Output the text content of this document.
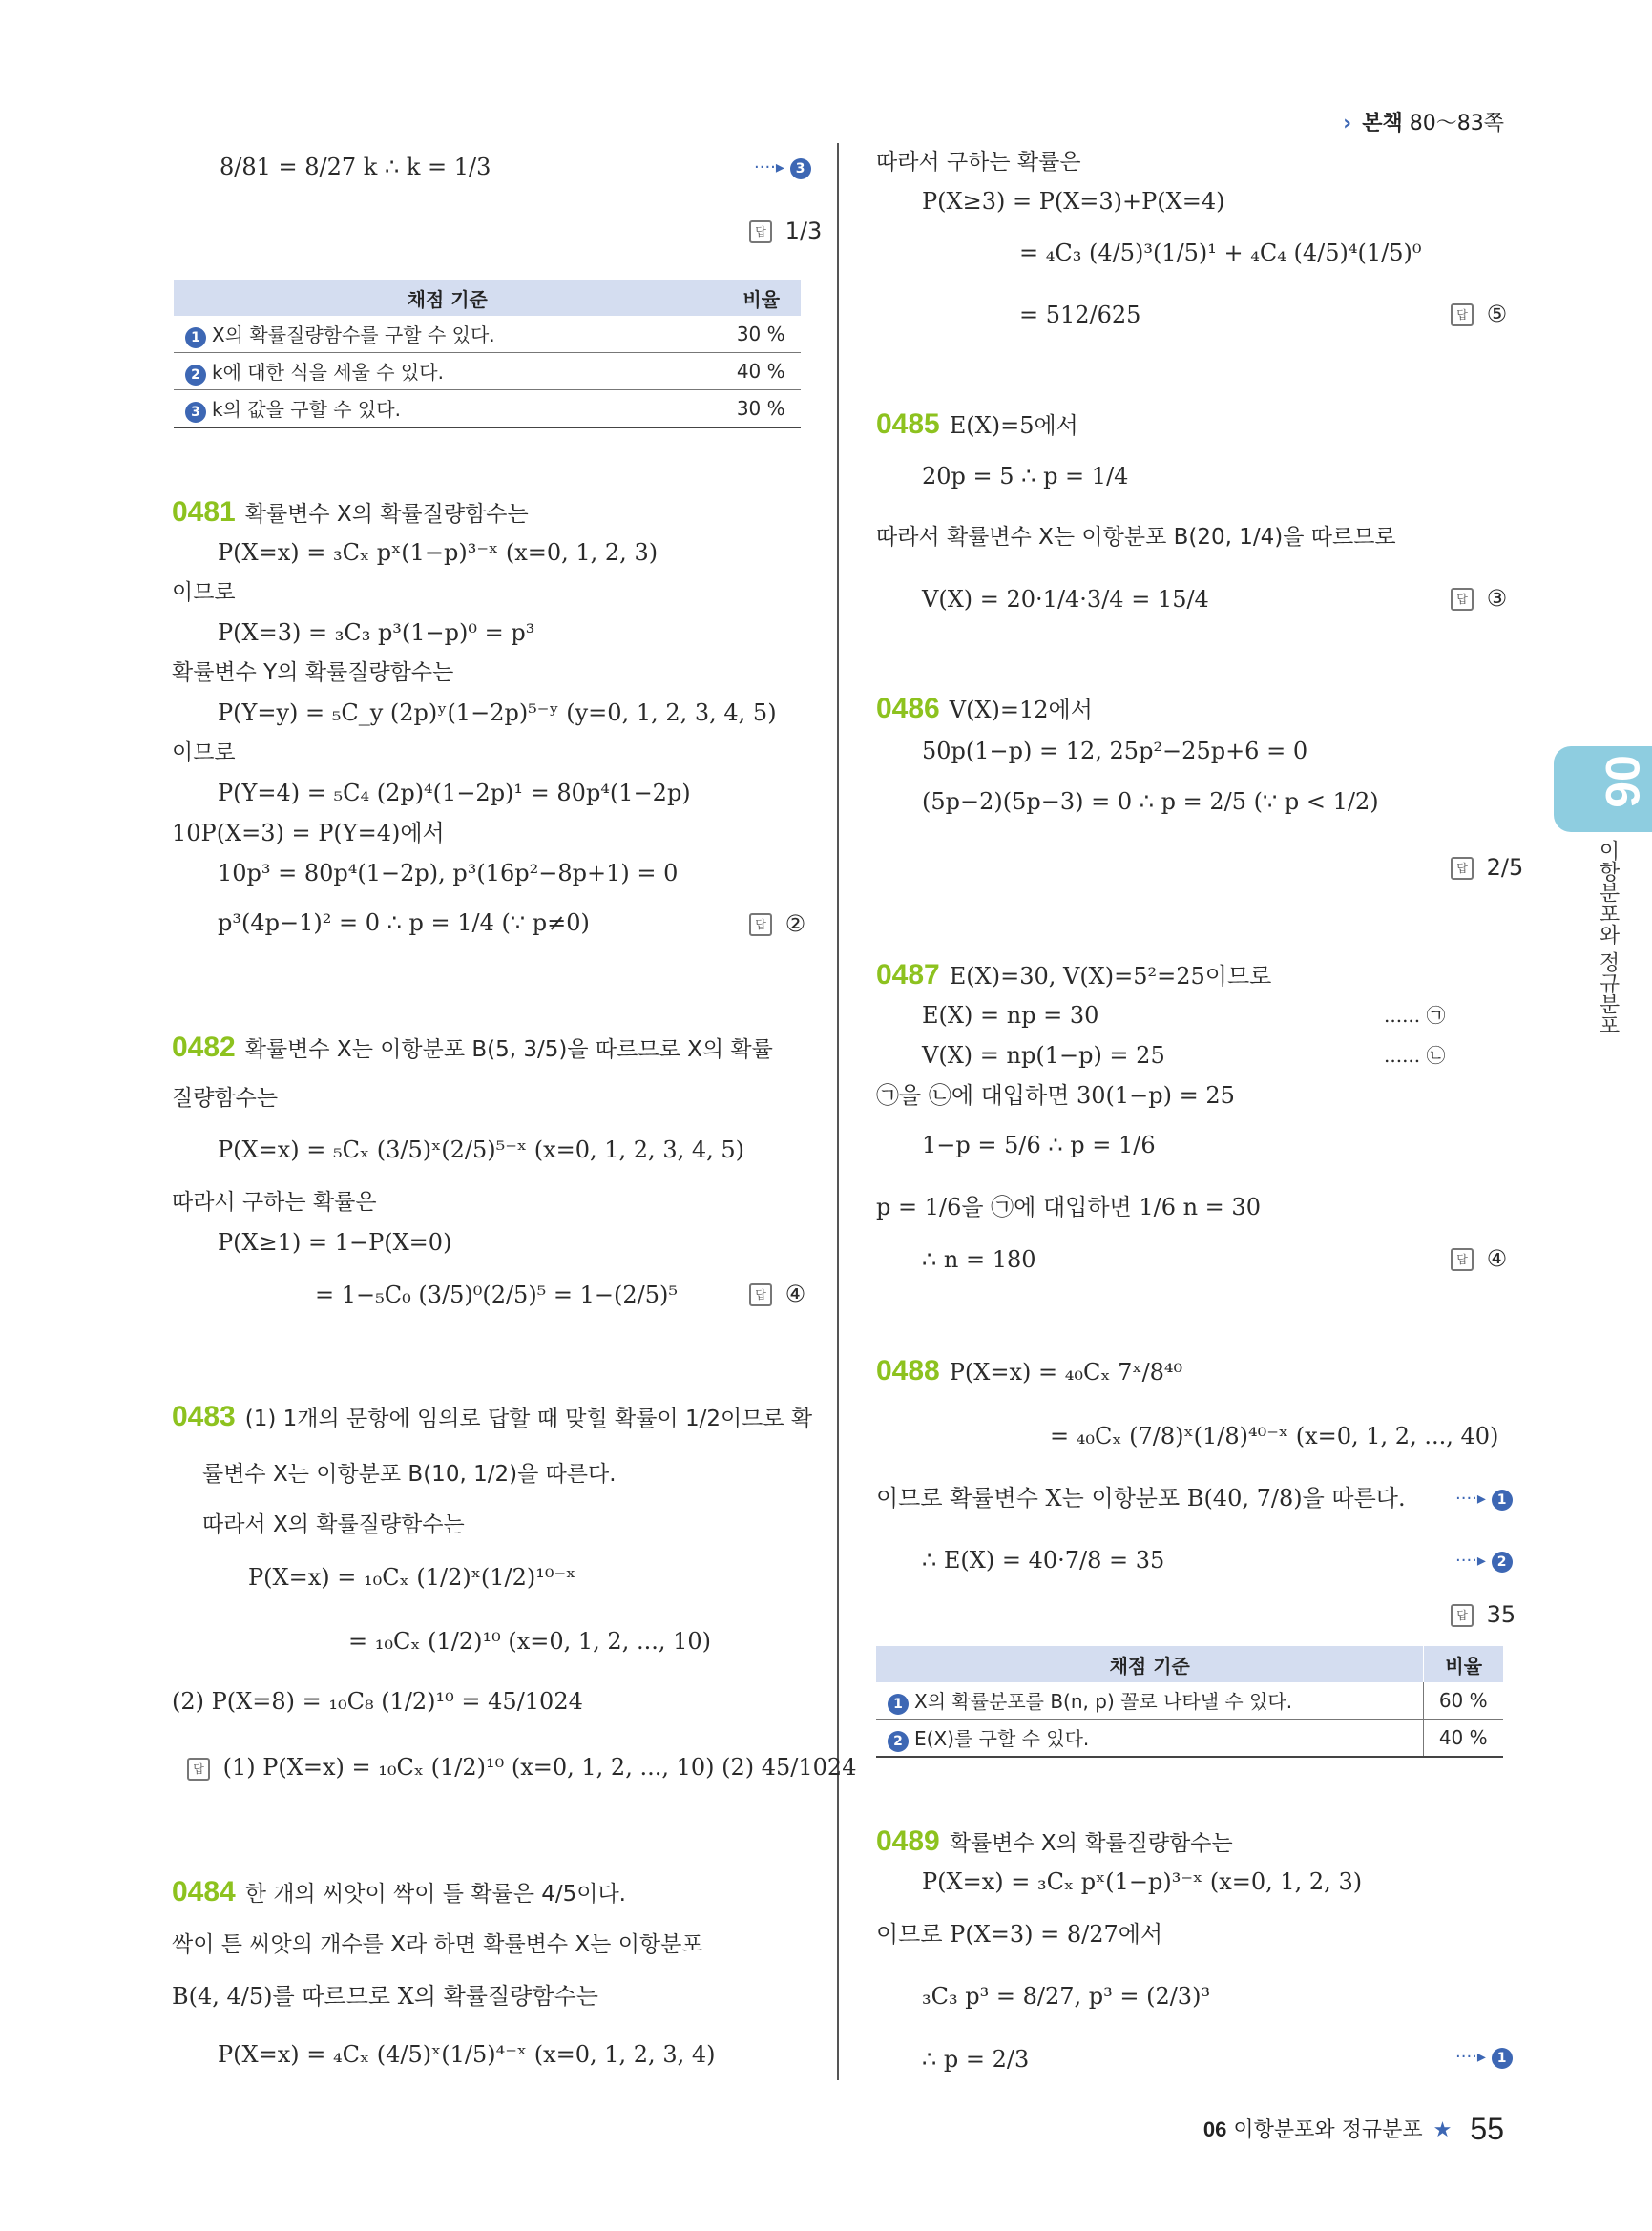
› 본책 80～83쪽
06
이항분포와 정규분포
8/81 = 8/27 k ∴ k = 1/3	····▸ 3
답 1/3
채점 기준	비율
1 X의 확률질량함수를 구할 수 있다.	30 %
2 k에 대한 식을 세울 수 있다.	40 %
3 k의 값을 구할 수 있다.	30 %
0481 확률변수 X의 확률질량함수는
P(X=x) = ₃Cₓ pˣ(1−p)³⁻ˣ (x=0, 1, 2, 3)
이므로
P(X=3) = ₃C₃ p³(1−p)⁰ = p³
확률변수 Y의 확률질량함수는
P(Y=y) = ₅C_y (2p)ʸ(1−2p)⁵⁻ʸ (y=0, 1, 2, 3, 4, 5)
이므로
P(Y=4) = ₅C₄ (2p)⁴(1−2p)¹ = 80p⁴(1−2p)
10P(X=3) = P(Y=4)에서
10p³ = 80p⁴(1−2p), p³(16p²−8p+1) = 0
p³(4p−1)² = 0 ∴ p = 1/4 (∵ p≠0)	답 ②
0482 확률변수 X는 이항분포 B(5, 3/5)을 따르므로 X의 확률
질량함수는
P(X=x) = ₅Cₓ (3/5)ˣ(2/5)⁵⁻ˣ (x=0, 1, 2, 3, 4, 5)
따라서 구하는 확률은
P(X≥1) = 1−P(X=0)
= 1−₅C₀ (3/5)⁰(2/5)⁵ = 1−(2/5)⁵	답 ④
0483 (1) 1개의 문항에 임의로 답할 때 맞힐 확률이 1/2이므로 확
률변수 X는 이항분포 B(10, 1/2)을 따른다.
따라서 X의 확률질량함수는
P(X=x) = ₁₀Cₓ (1/2)ˣ(1/2)¹⁰⁻ˣ
= ₁₀Cₓ (1/2)¹⁰ (x=0, 1, 2, ..., 10)
(2) P(X=8) = ₁₀C₈ (1/2)¹⁰ = 45/1024
답 (1) P(X=x) = ₁₀Cₓ (1/2)¹⁰ (x=0, 1, 2, ..., 10) (2) 45/1024
0484 한 개의 씨앗이 싹이 틀 확률은 4/5이다.
싹이 튼 씨앗의 개수를 X라 하면 확률변수 X는 이항분포
B(4, 4/5)를 따르므로 X의 확률질량함수는
P(X=x) = ₄Cₓ (4/5)ˣ(1/5)⁴⁻ˣ (x=0, 1, 2, 3, 4)
따라서 구하는 확률은
P(X≥3) = P(X=3)+P(X=4)
= ₄C₃ (4/5)³(1/5)¹ + ₄C₄ (4/5)⁴(1/5)⁰
= 512/625	답 ⑤
0485 E(X)=5에서
20p = 5 ∴ p = 1/4
따라서 확률변수 X는 이항분포 B(20, 1/4)을 따르므로
V(X) = 20·1/4·3/4 = 15/4	답 ③
0486 V(X)=12에서
50p(1−p) = 12, 25p²−25p+6 = 0
(5p−2)(5p−3) = 0 ∴ p = 2/5 (∵ p < 1/2)
답 2/5
0487 E(X)=30, V(X)=5²=25이므로
E(X) = np = 30	...... ㉠
V(X) = np(1−p) = 25	...... ㉡
㉠을 ㉡에 대입하면 30(1−p) = 25
1−p = 5/6 ∴ p = 1/6
p = 1/6을 ㉠에 대입하면 1/6 n = 30
∴ n = 180	답 ④
0488 P(X=x) = ₄₀Cₓ 7ˣ/8⁴⁰
= ₄₀Cₓ (7/8)ˣ(1/8)⁴⁰⁻ˣ (x=0, 1, 2, ..., 40)
이므로 확률변수 X는 이항분포 B(40, 7/8)을 따른다.	····▸ 1
∴ E(X) = 40·7/8 = 35	····▸ 2
답 35
채점 기준	비율
1 X의 확률분포를 B(n, p) 꼴로 나타낼 수 있다.	60 %
2 E(X)를 구할 수 있다.	40 %
0489 확률변수 X의 확률질량함수는
P(X=x) = ₃Cₓ pˣ(1−p)³⁻ˣ (x=0, 1, 2, 3)
이므로 P(X=3) = 8/27에서
₃C₃ p³ = 8/27, p³ = (2/3)³
∴ p = 2/3	····▸ 1
06 이항분포와 정규분포 ★ 55
